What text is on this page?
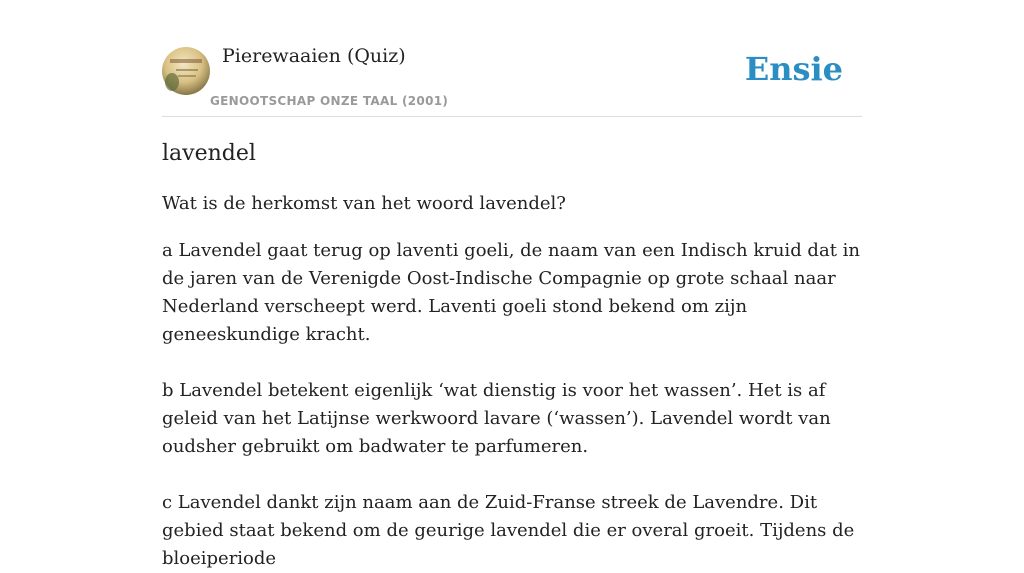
Pierewaaien (Quiz)
GENOOTSCHAP ONZE TAAL (2001)
Ensie
lavendel

Wat is de herkomst van het woord lavendel?

a Lavendel gaat terug op laventi goeli, de naam van een Indisch kruid dat in de jaren van de Verenigde Oost-Indische Compagnie op grote schaal naar Nederland verscheept werd. Laventi goeli stond bekend om zijn geneeskundige kracht.

b Lavendel betekent eigenlijk ‘wat dienstig is voor het wassen’. Het is af geleid van het Latijnse werkwoord lavare (‘wassen’). Lavendel wordt van oudsher gebruikt om badwater te parfumeren.

c Lavendel dankt zijn naam aan de Zuid-Franse streek de Lavendre. Dit gebied staat bekend om de geurige lavendel die er overal groeit. Tijdens de bloeiperiode
